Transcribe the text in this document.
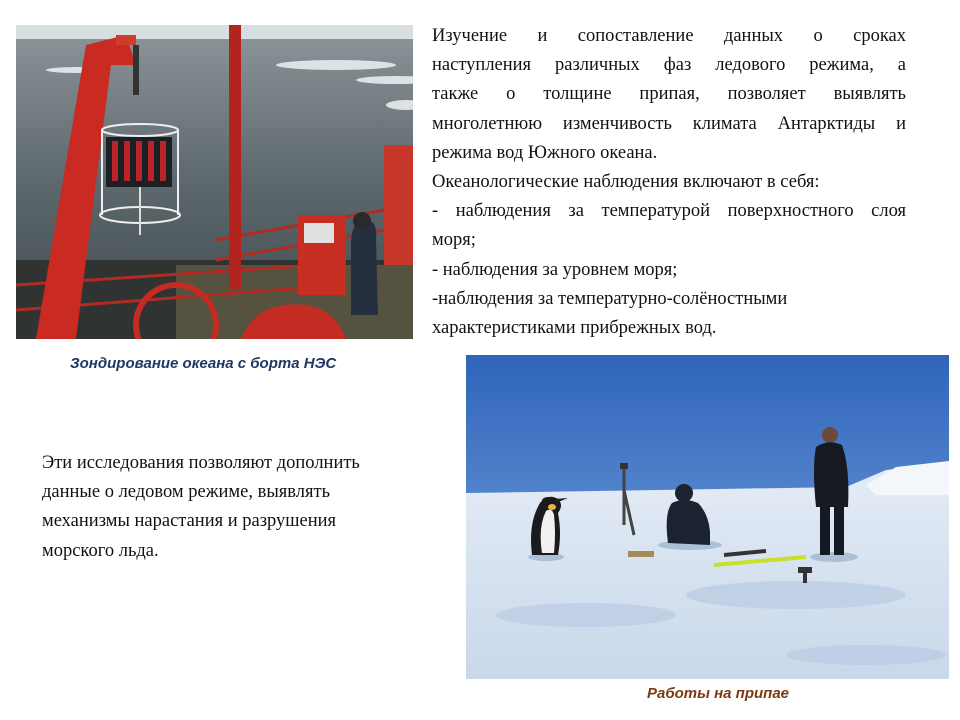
Зондирование океана с борта НЭС

Изучение и сопоставление данных о сроках

наступления различных фаз ледового режима, а

также о толщине припая, позволяет выявлять

многолетнюю изменчивость климата Антарктиды и

режима вод Южного океана.

Океанологические наблюдения включают в себя:

- наблюдения за температурой поверхностного слоя

моря;

- наблюдения за уровнем моря;

-наблюдения за температурно-солёностными

характеристиками прибрежных вод.

Эти исследования позволяют дополнить

данные о ледовом режиме, выявлять

механизмы нарастания и разрушения

морского льда.

Работы на припае
